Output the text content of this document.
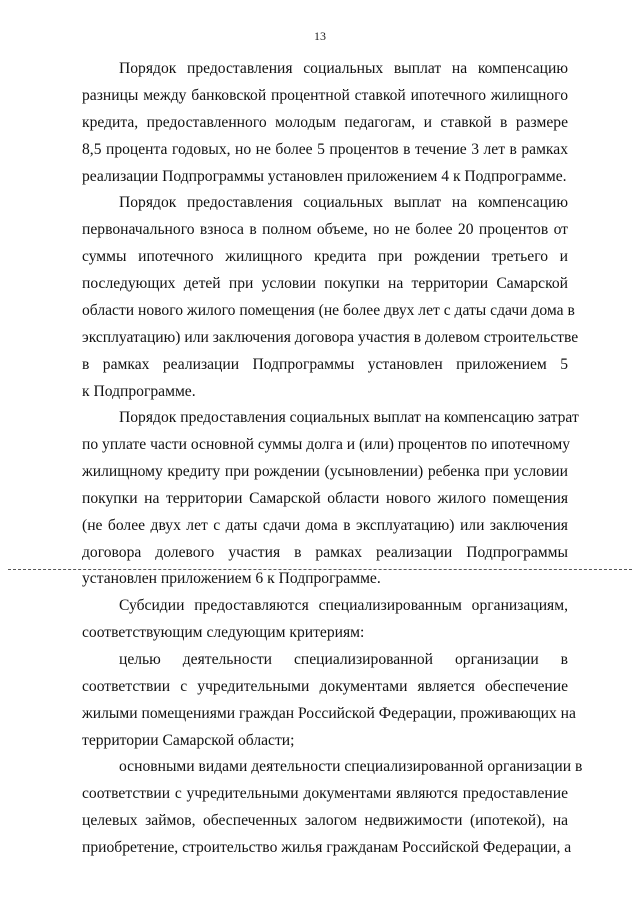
13
Порядок предоставления социальных выплат на компенсацию
разницы между банковской процентной ставкой ипотечного жилищного
кредита, предоставленного молодым педагогам, и ставкой в размере
8,5 процента годовых, но не более 5 процентов в течение 3 лет в рамках
реализации Подпрограммы установлен приложением 4 к Подпрограмме.
Порядок предоставления социальных выплат на компенсацию
первоначального взноса в полном объеме, но не более 20 процентов от
суммы ипотечного жилищного кредита при рождении третьего и
последующих детей при условии покупки на территории Самарской
области нового жилого помещения (не более двух лет с даты сдачи дома в
эксплуатацию) или заключения договора участия в долевом строительстве
в рамках реализации Подпрограммы установлен приложением 5
к Подпрограмме.
Порядок предоставления социальных выплат на компенсацию затрат
по уплате части основной суммы долга и (или) процентов по ипотечному
жилищному кредиту при рождении (усыновлении) ребенка при условии
покупки на территории Самарской области нового жилого помещения
(не более двух лет с даты сдачи дома в эксплуатацию) или заключения
договора долевого участия в рамках реализации Подпрограммы
установлен приложением 6 к Подпрограмме.
Субсидии предоставляются специализированным организациям,
соответствующим следующим критериям:
целью деятельности специализированной организации в
соответствии с учредительными документами является обеспечение
жилыми помещениями граждан Российской Федерации, проживающих на
территории Самарской области;
основными видами деятельности специализированной организации в
соответствии с учредительными документами являются предоставление
целевых займов, обеспеченных залогом недвижимости (ипотекой), на
приобретение, строительство жилья гражданам Российской Федерации, а
